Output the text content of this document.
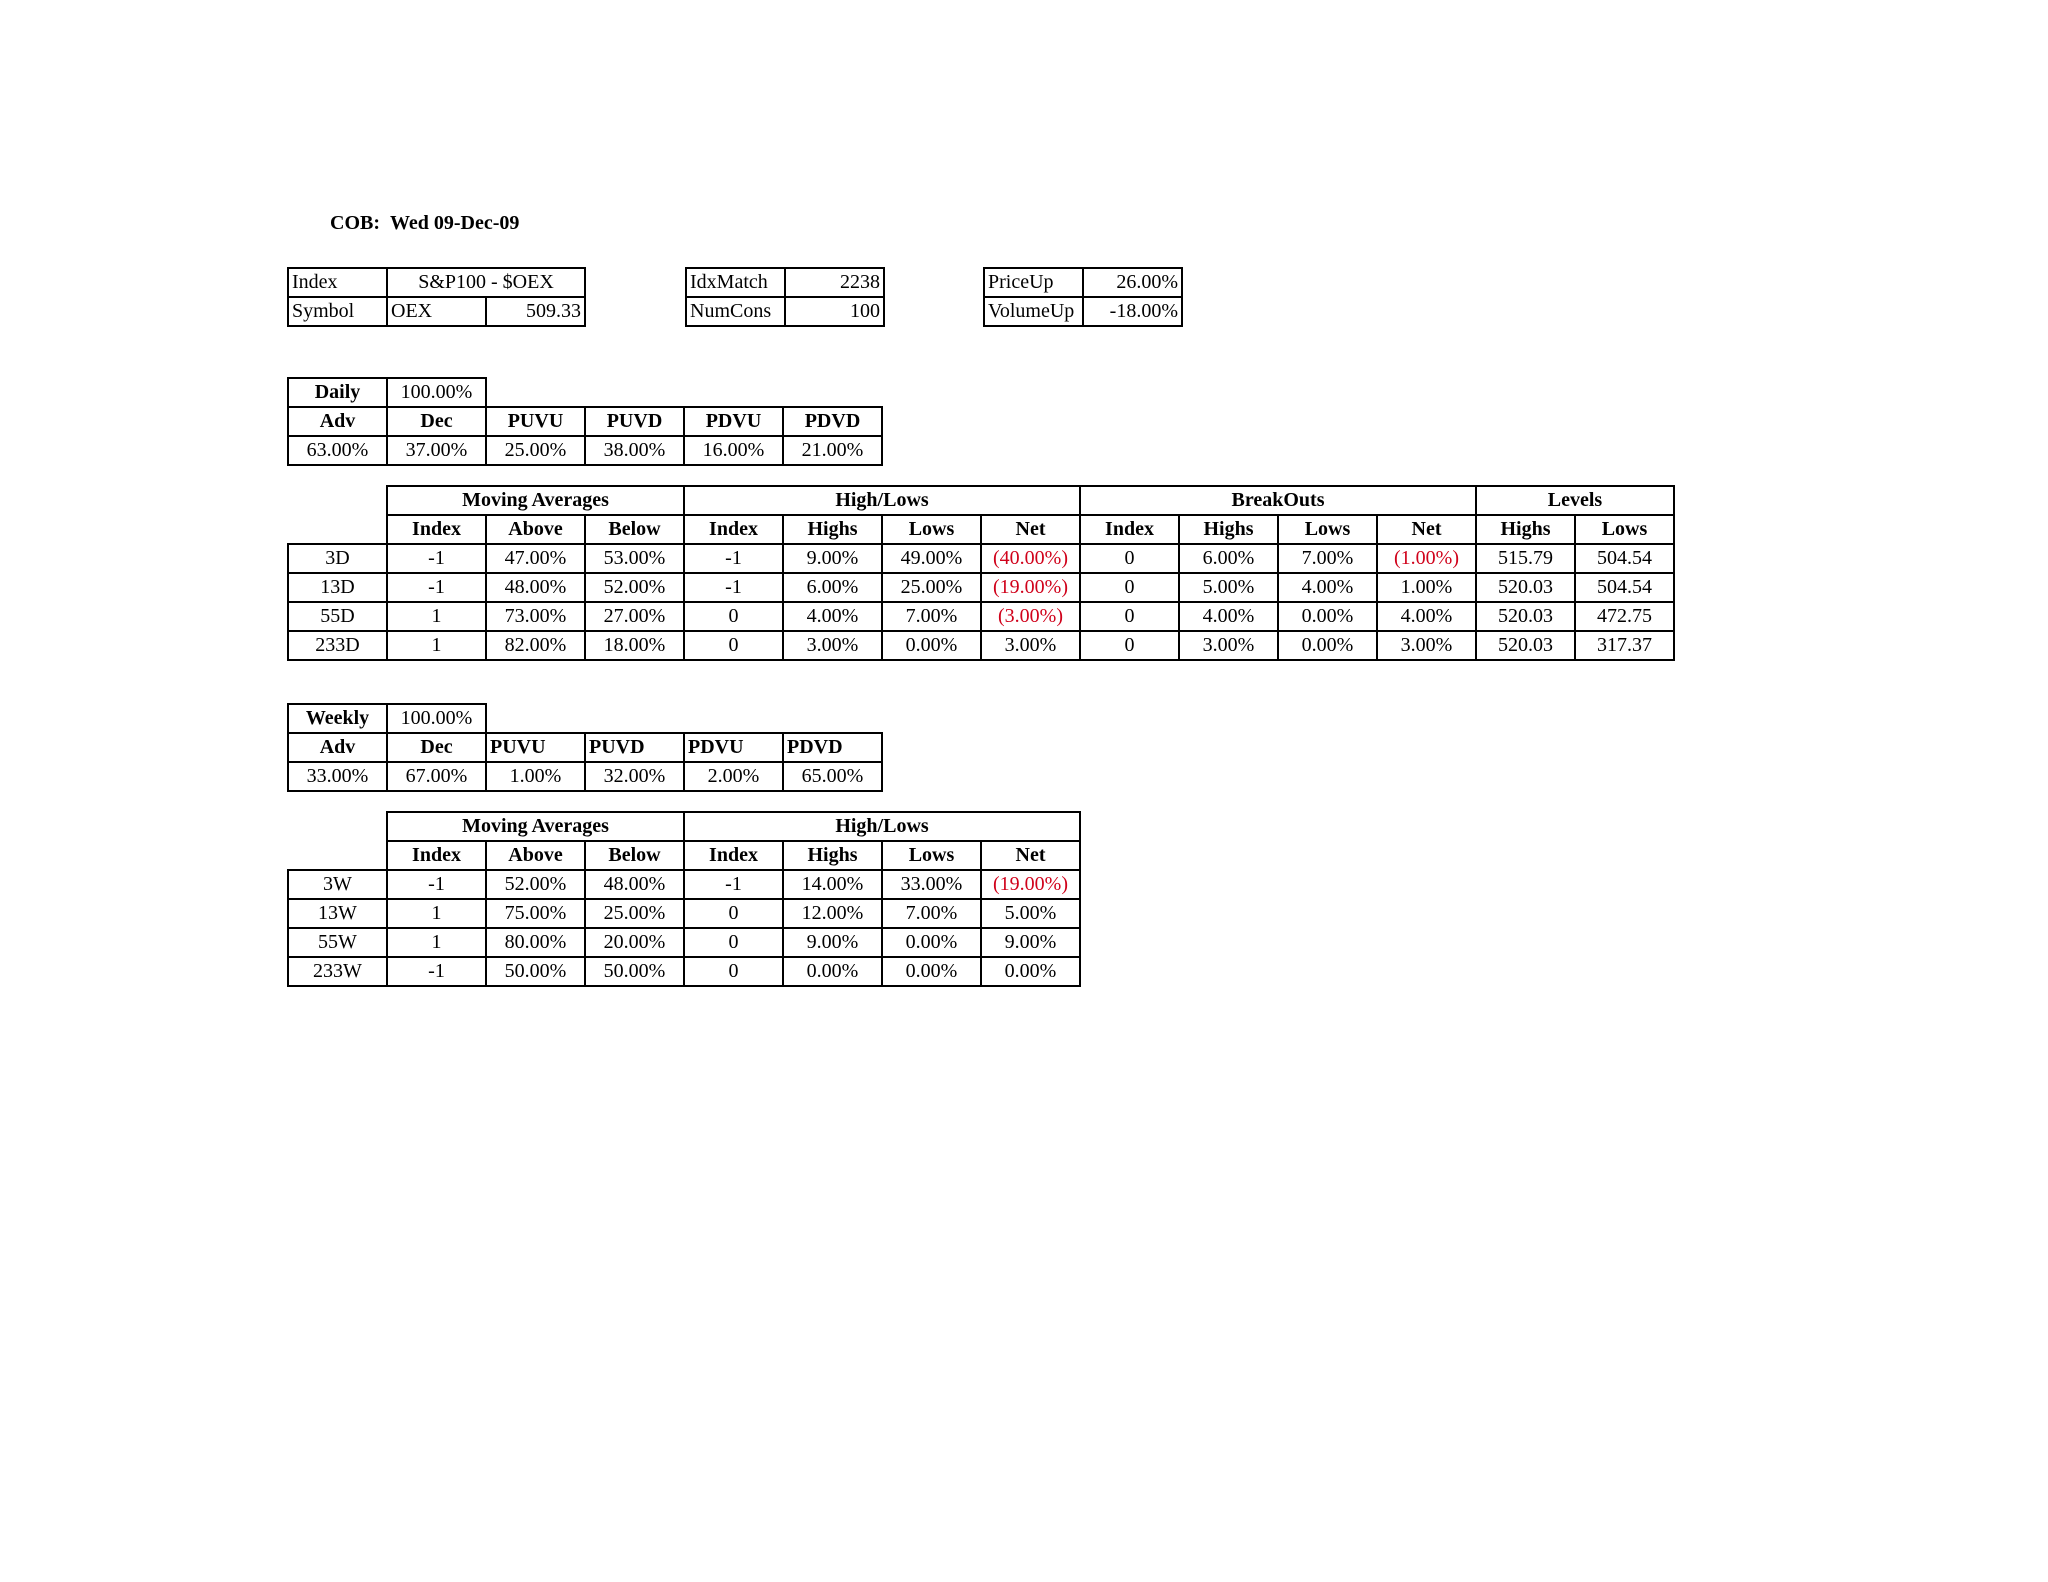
COB: Wed 09-Dec-09
Index	S&P100 - $OEX	
Symbol	OEX	509.33
IdxMatch	2238
NumCons	100
PriceUp	26.00%
VolumeUp	-18.00%
Daily	100.00%				
Adv	Dec	PUVU	PUVD	PDVU	PDVD
63.00%	37.00%	25.00%	38.00%	16.00%	21.00%
	Moving Averages			High/Lows				BreakOuts				Levels	
	Index	Above	Below	Index	Highs	Lows	Net	Index	Highs	Lows	Net	Highs	Lows
3D	-1	47.00%	53.00%	-1	9.00%	49.00%	(40.00%)	0	6.00%	7.00%	(1.00%)	515.79	504.54
13D	-1	48.00%	52.00%	-1	6.00%	25.00%	(19.00%)	0	5.00%	4.00%	1.00%	520.03	504.54
55D	1	73.00%	27.00%	0	4.00%	7.00%	(3.00%)	0	4.00%	0.00%	4.00%	520.03	472.75
233D	1	82.00%	18.00%	0	3.00%	0.00%	3.00%	0	3.00%	0.00%	3.00%	520.03	317.37
Weekly	100.00%				
Adv	Dec	PUVU	PUVD	PDVU	PDVD
33.00%	67.00%	1.00%	32.00%	2.00%	65.00%
	Moving Averages			High/Lows			
	Index	Above	Below	Index	Highs	Lows	Net
3W	-1	52.00%	48.00%	-1	14.00%	33.00%	(19.00%)
13W	1	75.00%	25.00%	0	12.00%	7.00%	5.00%
55W	1	80.00%	20.00%	0	9.00%	0.00%	9.00%
233W	-1	50.00%	50.00%	0	0.00%	0.00%	0.00%
